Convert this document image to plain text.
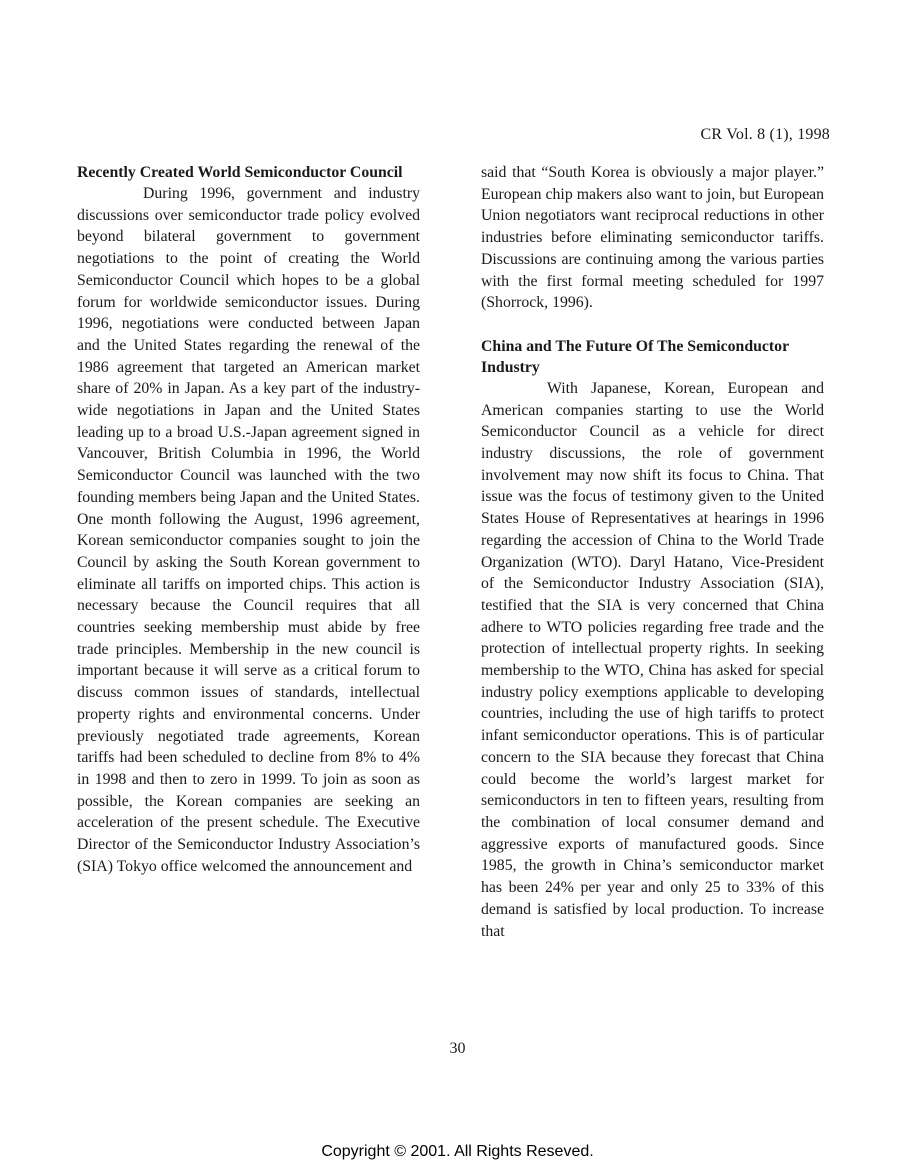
CR Vol. 8 (1), 1998
Recently Created World Semiconductor Council

During 1996, government and industry discussions over semiconductor trade policy evolved beyond bilateral government to government negotiations to the point of creating the World Semiconductor Council which hopes to be a global forum for worldwide semiconductor issues. During 1996, negotiations were conducted between Japan and the United States regarding the renewal of the 1986 agreement that targeted an American market share of 20% in Japan. As a key part of the industry-wide negotiations in Japan and the United States leading up to a broad U.S.-Japan agreement signed in Vancouver, British Columbia in 1996, the World Semiconductor Council was launched with the two founding members being Japan and the United States. One month following the August, 1996 agreement, Korean semiconductor companies sought to join the Council by asking the South Korean government to eliminate all tariffs on imported chips. This action is necessary because the Council requires that all countries seeking membership must abide by free trade principles. Membership in the new council is important because it will serve as a critical forum to discuss common issues of standards, intellectual property rights and environmental concerns. Under previously negotiated trade agreements, Korean tariffs had been scheduled to decline from 8% to 4% in 1998 and then to zero in 1999. To join as soon as possible, the Korean companies are seeking an acceleration of the present schedule. The Executive Director of the Semiconductor Industry Association’s (SIA) Tokyo office welcomed the announcement and

said that “South Korea is obviously a major player.” European chip makers also want to join, but European Union negotiators want reciprocal reductions in other industries before eliminating semiconductor tariffs. Discussions are continuing among the various parties with the first formal meeting scheduled for 1997 (Shorrock, 1996).

China and The Future Of The Semiconductor Industry

With Japanese, Korean, European and American companies starting to use the World Semiconductor Council as a vehicle for direct industry discussions, the role of government involvement may now shift its focus to China. That issue was the focus of testimony given to the United States House of Representatives at hearings in 1996 regarding the accession of China to the World Trade Organization (WTO). Daryl Hatano, Vice-President of the Semiconductor Industry Association (SIA), testified that the SIA is very concerned that China adhere to WTO policies regarding free trade and the protection of intellectual property rights. In seeking membership to the WTO, China has asked for special industry policy exemptions applicable to developing countries, including the use of high tariffs to protect infant semiconductor operations. This is of particular concern to the SIA because they forecast that China could become the world’s largest market for semiconductors in ten to fifteen years, resulting from the combination of local consumer demand and aggressive exports of manufactured goods. Since 1985, the growth in China’s semiconductor market has been 24% per year and only 25 to 33% of this demand is satisfied by local production. To increase that

30
Copyright © 2001. All Rights Reseved.
